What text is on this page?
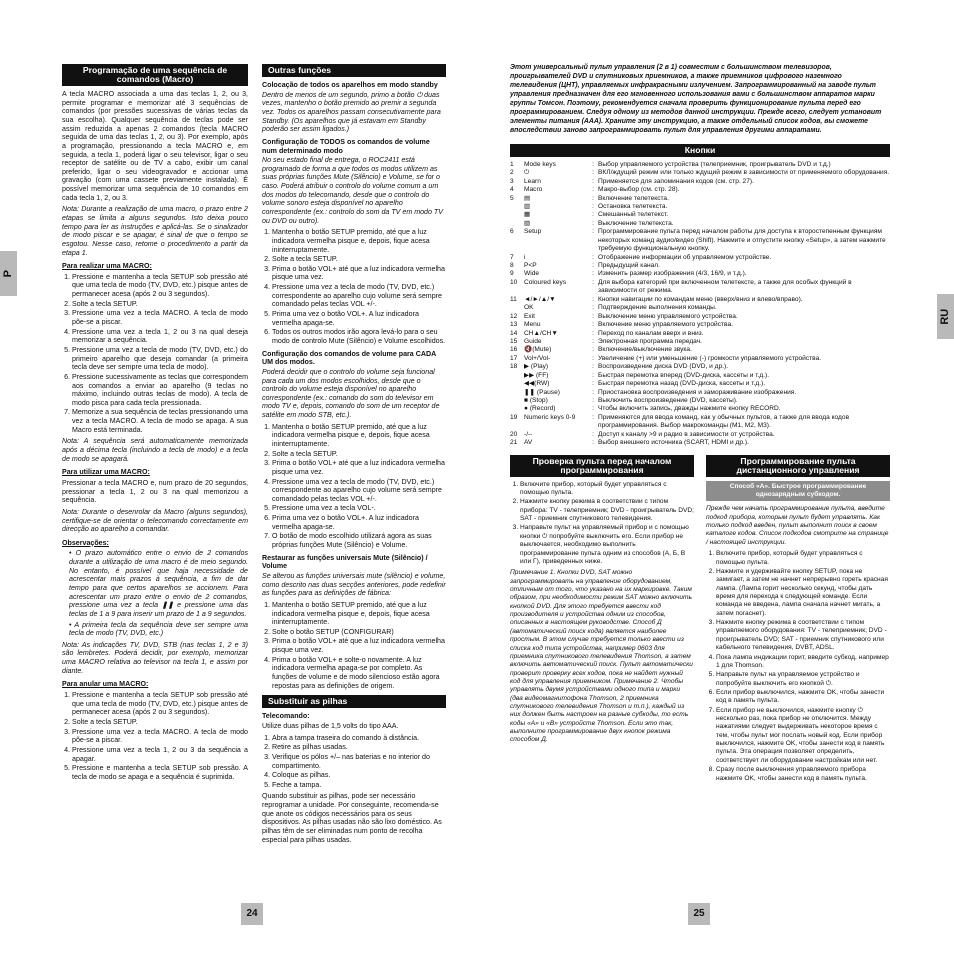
P
RU
Programação de uma sequência de comandos (Macro)

A tecla MACRO associada a uma das teclas 1, 2, ou 3, permite programar e memorizar até 3 sequências de comandos (por pressões sucessivas de várias teclas da sua escolha). Qualquer sequência de teclas pode ser assim reduzida a apenas 2 comandos (tecla MACRO seguida de uma das teclas 1, 2, ou 3). Por exemplo, após a programação, pressionando a tecla MACRO e, em seguida, a tecla 1, poderá ligar o seu televisor, ligar o seu receptor de satélite ou de TV a cabo, exibir um canal preferido, ligar o seu videogravador e accionar uma gravação (com uma cassete previamente instalada). É possível memorizar uma sequência de 10 comandos em cada tecla 1, 2, ou 3.

Nota: Durante a realização de uma macro, o prazo entre 2 etapas se limita a alguns segundos. Isto deixa pouco tempo para ler as instruções e aplicá-las. Se o sinalizador de modo piscar e se apagar, é sinal de que o tempo se esgotou. Nesse caso, retome o procedimento a partir da etapa 1.

Para realizar uma MACRO:
1. Pressione e mantenha a tecla SETUP sob pressão até que uma tecla de modo (TV, DVD, etc.) pisque antes de permanecer acesa (após 2 ou 3 segundos).
2. Solte a tecla SETUP.
3. Pressione uma vez a tecla MACRO. A tecla de modo põe-se a piscar.
4. Pressione uma vez a tecla 1, 2 ou 3 na qual deseja memorizar a sequência.
5. Pressione uma vez a tecla de modo (TV, DVD, etc.) do primeiro aparelho que deseja comandar (a primeira tecla deve ser sempre uma tecla de modo).
6. Pressione sucessivamente as teclas que correspondem aos comandos a enviar ao aparelho (9 teclas no máximo, incluindo outras teclas de modo). A tecla de modo pisca para cada tecla pressionada.
7. Memorize a sua sequência de teclas pressionando uma vez a tecla MACRO. A tecla de modo se apaga. A sua Macro está terminada.

Nota: A sequência será automaticamente memorizada após a décima tecla (incluindo a tecla de modo) e a tecla de modo se apagará.

Para utilizar uma MACRO:

Pressionar a tecla MACRO e, num prazo de 20 segundos, pressionar a tecla 1, 2 ou 3 na qual memorizou a sequência.

Nota: Durante o desenrolar da Macro (alguns segundos), certifique-se de orientar o telecomando correctamente em direcção ao aparelho a comandar.

Observações:
• O prazo automático entre o envio de 2 comandos durante a utilização de uma macro é de meio segundo. No entanto, é possível que haja necessidade de acrescentar mais prazos à sequência, a fim de dar tempo para que certos aparelhos se accionem. Para acrescentar um prazo entre o envio de 2 comandos, pressione uma vez a tecla ❚❚ e pressione uma das teclas de 1 a 9 para inserir um prazo de 1 a 9 segundos.
• A primeira tecla da sequência deve ser sempre uma tecla de modo (TV, DVD, etc.)

Nota: As indicações TV, DVD, STB (nas teclas 1, 2 e 3) são lembretes. Poderá decidir, por exemplo, memorizar uma MACRO relativa ao televisor na tecla 1, e assim por diante.

Para anular uma MACRO:
1. Pressione e mantenha a tecla SETUP sob pressão até que uma tecla de modo (TV, DVD, etc.) pisque antes de permanecer acesa (após 2 ou 3 segundos).
2. Solte a tecla SETUP.
3. Pressione uma vez a tecla MACRO. A tecla de modo põe-se a piscar.
4. Pressione uma vez a tecla 1, 2 ou 3 da sequência a apagar.
5. Pressione e mantenha a tecla SETUP sob pressão. A tecla de modo se apaga e a sequência é suprimida.
Outras funções
Colocação de todos os aparelhos em modo standby

Dentro de menos de um segundo, primo a botão ⏻ duas vezes, mantenho o botão premido ao premir a segunda vez. Todos os aparelhos passam consecutivamente para Standby. (Os aparelhos que já estavam em Standby poderão ser assim ligados.)

Configuração de TODOS os comandos de volume num determinado modo

No seu estado final de entrega, o ROC2411 está programado de forma a que todos os modos utilizem as suas próprias funções Mute (Silêncio) e Volume, se for o caso. Poderá atribuir o controlo do volume comum a um dos modos do telecomando, desde que o controlo do volume sonoro esteja disponível no aparelho correspondente (ex.: controlo do som da TV em modo TV ou DVD ou outro).

1. Mantenha o botão SETUP premido, até que a luz indicadora vermelha pisque e, depois, fique acesa ininterruptamente.
2. Solte a tecla SETUP.
3. Prima o botão VOL+ até que a luz indicadora vermelha pisque uma vez.
4. Pressione uma vez a tecla de modo (TV, DVD, etc.) correspondente ao aparelho cujo volume será sempre comandado pelas teclas VOL +/-.
5. Prima uma vez o botão VOL+. A luz indicadora vermelha apaga-se.
6. Todos os outros modos irão agora levá-lo para o seu modo de controlo Mute (Silêncio) e Volume escolhidos.
Configuração dos comandos de volume para CADA UM dos modos.

Poderá decidir que o controlo do volume seja funcional para cada um dos modos escolhidos, desde que o controlo do volume esteja disponível no aparelho correspondente (ex.: comando do som do televisor em modo TV e, depois, comando do som de um receptor de satélite em modo STB, etc.).

1. Mantenha o botão SETUP premido, até que a luz indicadora vermelha pisque e, depois, fique acesa ininterruptamente.
2. Solte a tecla SETUP.
3. Prima o botão VOL+ até que a luz indicadora vermelha pisque uma vez.
4. Pressione uma vez a tecla de modo (TV, DVD, etc.) correspondente ao aparelho cujo volume será sempre comandado pelas teclas VOL +/-.
5. Pressione uma vez a tecla VOL-.
6. Prima uma vez o botão VOL+. A luz indicadora vermelha apaga-se.
7. O botão de modo escolhido utilizará agora as suas próprias funções Mute (Silêncio) e Volume.
Restaurar as funções universais Mute (Silêncio) / Volume

Se alterou as funções universais mute (silêncio) e volume, como descrito nas duas secções anteriores, pode redefinir as funções para as definições de fábrica:

1. Mantenha o botão SETUP premido, até que a luz indicadora vermelha pisque e, depois, fique acesa ininterruptamente.
2. Solte o botão SETUP (CONFIGURAR)
3. Prima o botão VOL+ até que a luz indicadora vermelha pisque uma vez.
4. Prima o botão VOL+ e solte-o novamente. A luz indicadora vermelha apaga-se por completo. As funções de volume e de modo silencioso estão agora repostas para as definições de origem.
Substituir as pilhas
Telecomando:

Utilize duas pilhas de 1,5 volts do tipo AAA.

1. Abra a tampa traseira do comando à distância.
2. Retire as pilhas usadas.
3. Verifique os pólos +/– nas baterias e no interior do compartimento.
4. Coloque as pilhas.
5. Feche a tampa.

Quando substituir as pilhas, pode ser necessário reprogramar a unidade. Por conseguinte, recomenda-se que anote os códigos necessários para os seus dispositivos. As pilhas usadas não são lixo doméstico. As pilhas têm de ser eliminadas num ponto de recolha especial para pilhas usadas.

Этот универсальный пульт управления (2 в 1) совместим с большинством телевизоров, проигрывателей DVD и спутниковых приемников, а также приемников цифрового наземного телевидения (ЦНТ), управляемых инфракрасными излучением. Запрограммированный на заводе пульт управления предназначен для его мгновенного использования вами с большинством аппаратов марки группы Томсон. Поэтому, рекомендуется сначала проверить функционирование пульта перед его программированием. Следуя одному из методов данной инструкции. Прежде всего, следует установит элементы питания (ААА). Храните эту инструкцию, а также отдельный список кодов, вы сможете впоследствии заново запрограммировать пульт для управления другими аппаратами.

Кнопки
1	Mode keys	: Выбор управляемого устройства (телеприемник, проигрыватель DVD и т.д.)
2	⏻	: ВКЛ/ждущий режим или только ждущий режим в зависимости от применяемого оборудования.
3	Learn	: Применяется для запоминания кодов (см. стр. 27).
4	Macro	: Макро-выбор (см. стр. 28).
5	▤	: Включение телетекста.
▥	: Остановка телетекста.
▦	: Смешанный телетекст.
▧	: Выключение телетекста.
6	Setup	: Программирование пульта перед началом работы для доступа к второстепенным функциям некоторых команд аудио/видео (Shift). Нажмите и отпустите кнопку «Setup», а затем нажмите требуемую функциональную кнопку.
7	i	: Отображение информации об управляемом устройстве.
8	P<P	: Предыдущий канал.
9	Wide	: Изменить размер изображения (4/3, 16/9, и т.д.).
10	Coloured keys	: Для выбора категорий при включенном телетексте, а также для особых функций в зависимости от режима.
11	◄/►/▲/▼	: Кнопки навигации по командам меню (вверх/вниз и влево/вправо).
OK	: Подтверждение выполнения команды.
12	Exit	: Выключение меню управляемого устройства.
13	Menu	: Включение меню управляемого устройства.
14	CH▲/CH▼	: Переход по каналам вверх и вниз.
15	Guide	: Электронная программа передач.
16	🔇(Mute)	: Включение/выключение звука.
17	Vol+/Vol-	: Увеличение (+) или уменьшение (-) громкости управляемого устройства.
18	▶ (Play)	: Воспроизведение диска DVD (DVD, и др.).
▶▶ (FF)	: Быстрая перемотка вперед (DVD-диска, кассеты и т.д.).
◀◀(RW)	: Быстрая перемотка назад (DVD-диска, кассеты и т.д.).
❚❚ (Pause)	: Приостановка воспроизведения и замораживание изображения.
■ (Stop)	: Выключить воспроизведение (DVD, кассеты).
● (Record)	: Чтобы включить запись, дважды нажмите кнопку RECORD.
19	Numeric keys 0-9	: Применяются для ввода команд, как у обычных пультов, а также для ввода кодов программирования. Выбор макрокоманды (M1, M2, M3).
20	-/--	: Доступ к каналу >9 и радио в зависимости от устройства.
21	AV	: Выбор внешнего источника (SCART, HDMI и др.).
Проверка пульта перед началом программирования
1. Включите прибор, который будет управляться с помощью пульта.
2. Нажмите кнопку режима в соответствии с типом прибора: TV - телеприемник; DVD - проигрыватель DVD; SAT - приемник спутникового телевидения.
3. Направьте пульт на управляемый прибор и с помощью кнопки ⏻ попробуйте выключить его. Если прибор не выключается, необходимо выполнить программирование пульта одним из способов (А, Б, В или Г), приведенных ниже.

Примечание 1. Кнопки DVD, SAT можно запрограммировать на управление оборудованием, отличным от того, что указано на их маркировке. Таким образом, при необходимости режим SAT можно включить кнопкой DVD. Для этого требуется ввести код производителя и устройства одним из способов, описанных в настоящем руководстве. Способ Д (автоматический поиск кода) является наиболее простым. В этом случае требуется только ввести из списка код типа устройства, например 0603 для приемника спутникового телевидения Thomson, а затем включить автоматический поиск. Пульт автоматически проверит проверку всех кодов, пока не найдет нужный код для управления приемником. Примечание 2. Чтобы управлять двумя устройствами одного типа и марки (два видеомагнитофона Thomson, 2 приемника спутникового телевидения Thomson и т.п.), каждый из них должен быть настроен на разные субкоды, то есть коды «А» и «В» устройств Thomson. Если это так, выполните программирование двух кнопок режима способом Д.

Программирование пульта дистанционного управления
Способ «А». Быстрое программирование однозарядным субкодом.

Прежде чем начать программирование пульта, введите подкод прибора, которым пульт будет управлять. Как только подкод введен, пульт выполнит поиск в своем каталоге кодов. Список подкодов смотрите на странице / настоящей инструкции.

1. Включите прибор, который будет управляться с помощью пульта.
2. Нажмите и удерживайте кнопку SETUP, пока не замигает, а затем не начнет непрерывно гореть красная лампа. (Лампа горит несколько секунд, чтобы дать время для перехода к следующей команде. Если команда не введена, лампа сначала начнет мигать, а затем погаснет).
3. Нажмите кнопку режима в соответствии с типом управляемого оборудования: TV - телеприемник; DVD - проигрыватель DVD; SAT - приемник спутникового или кабельного телевидения, DVBT, ADSL.
4. Пока лампа индикации горит, введите субкод, например 1 для Thomson.
5. Направьте пульт на управляемое устройство и попробуйте выключить его кнопкой ⏻.
6. Если прибор выключился, нажмите OK, чтобы занести код в память пульта.
7. Если прибор не выключился, нажмите кнопку ⏻ несколько раз, пока прибор не отключится. Между нажатиями следует выдерживать некоторое время с тем, чтобы пульт мог послать новый код. Если прибор выключился, нажмите OK, чтобы занести код в память пульта. Эта операция позволяет определить, соответствует ли оборудование настройкам или нет.
8. Сразу после выключения управляемого прибора нажмите OK, чтобы занести код в память пульта.
24	25
